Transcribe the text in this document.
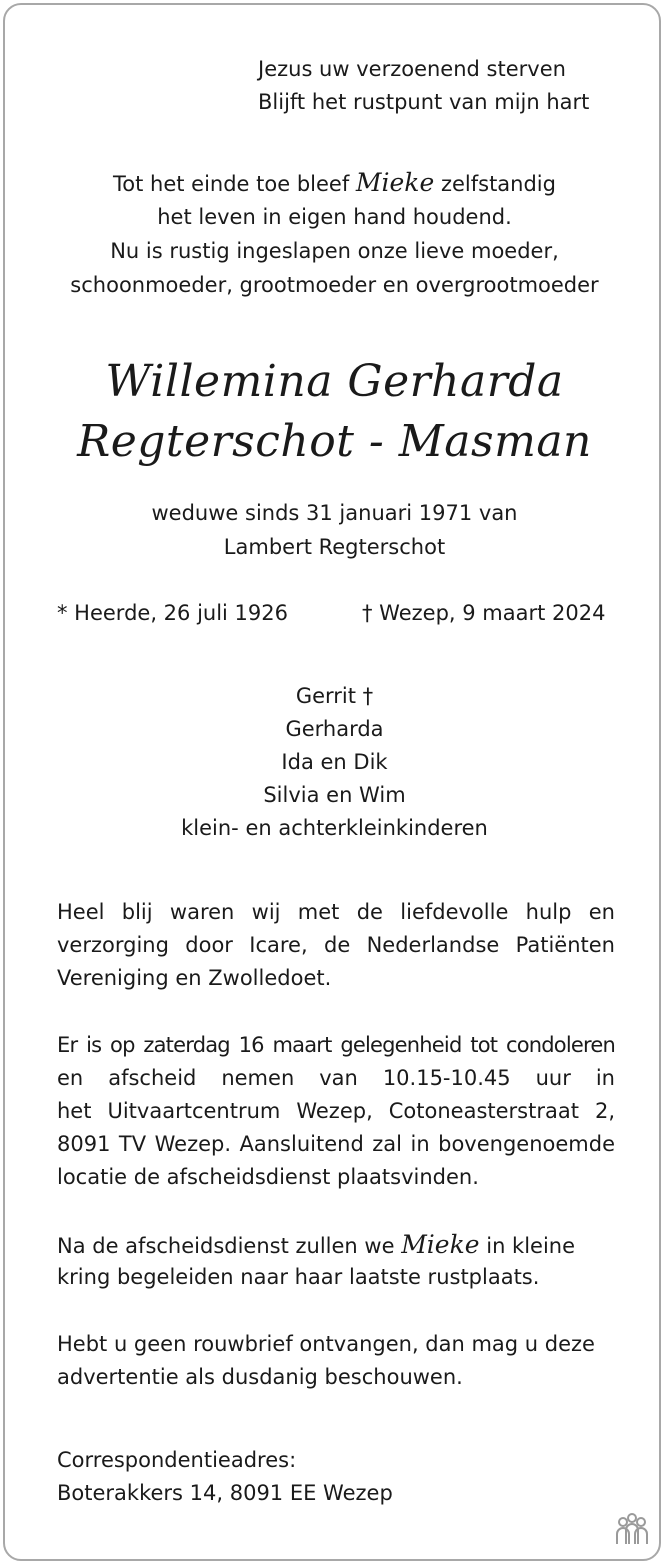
Jezus uw verzoenend sterven
Blijft het rustpunt van mijn hart
Tot het einde toe bleef Mieke zelfstandig
het leven in eigen hand houdend.
Nu is rustig ingeslapen onze lieve moeder,
schoonmoeder, grootmoeder en overgrootmoeder
Willemina Gerharda
Regterschot - Masman
weduwe sinds 31 januari 1971 van
Lambert Regterschot
* Heerde, 26 juli 1926	† Wezep, 9 maart 2024
Gerrit †
Gerharda
Ida en Dik
Silvia en Wim
klein- en achterkleinkinderen
Heel blij waren wij met de liefdevolle hulp en
verzorging door Icare, de Nederlandse Patiënten
Vereniging en Zwolledoet.
Er is op zaterdag 16 maart gelegenheid tot condoleren
en afscheid nemen van 10.15-10.45 uur in
het Uitvaartcentrum Wezep, Cotoneasterstraat 2,
8091 TV Wezep. Aansluitend zal in bovengenoemde
locatie de afscheidsdienst plaatsvinden.
Na de afscheidsdienst zullen we Mieke in kleine
kring begeleiden naar haar laatste rustplaats.
Hebt u geen rouwbrief ontvangen, dan mag u deze
advertentie als dusdanig beschouwen.
Correspondentieadres:
Boterakkers 14, 8091 EE Wezep
